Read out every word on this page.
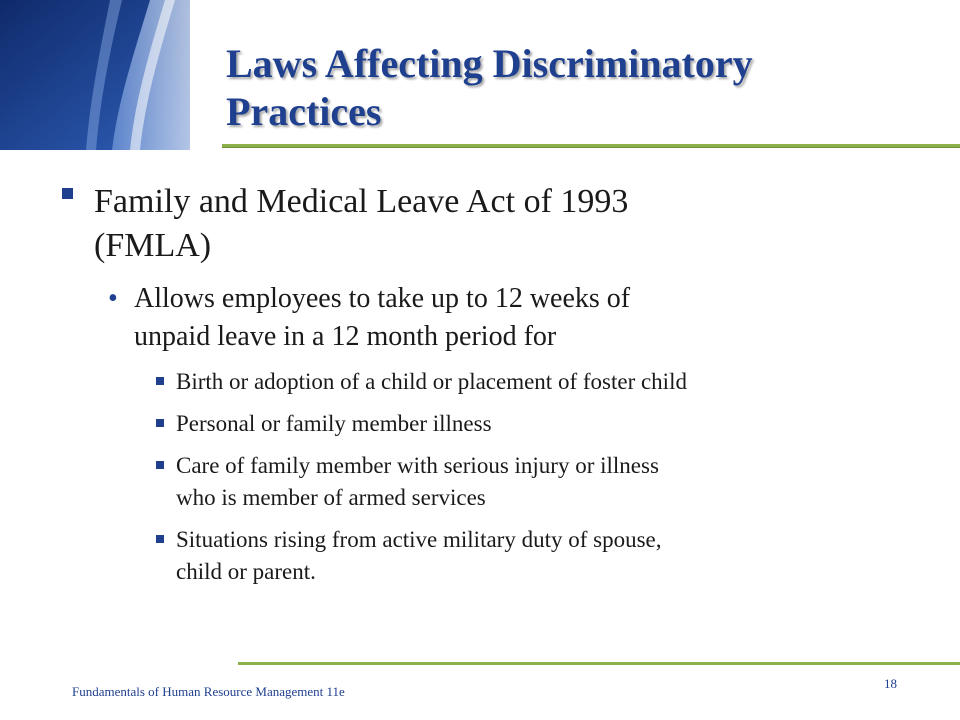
Laws Affecting Discriminatory
Practices
Family and Medical Leave Act of 1993
(FMLA)
• Allows employees to take up to 12 weeks of
unpaid leave in a 12 month period for
Birth or adoption of a child or placement of foster child
Personal or family member illness
Care of family member with serious injury or illness
who is member of armed services
Situations rising from active military duty of spouse,
child or parent.
Fundamentals of Human Resource Management 11e
18
